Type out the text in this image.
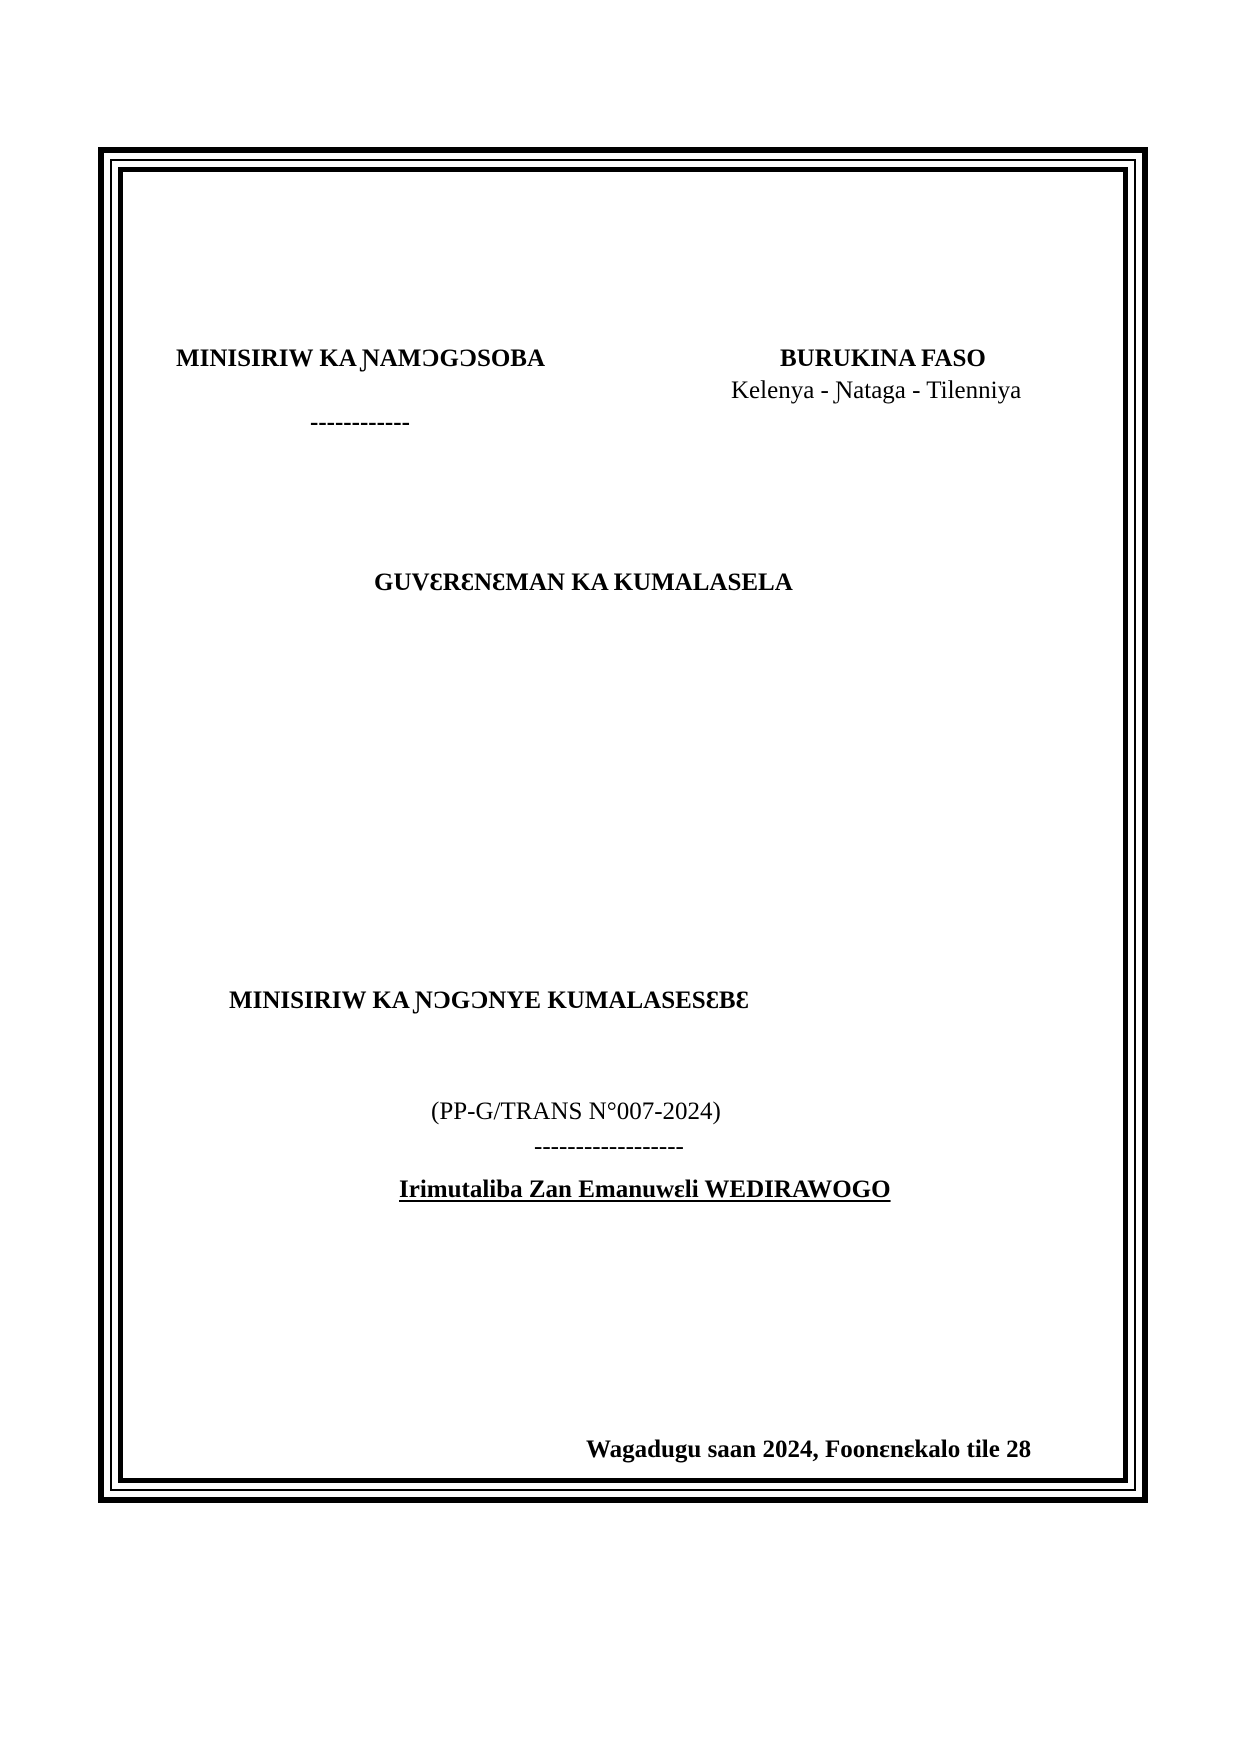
MINISIRIW KA ƝAMƆGƆSOBA
------------
BURUKINA FASO
Kelenya - Ɲataga - Tilenniya
GUVƐRƐNƐMAN KA KUMALASELA
MINISIRIW KA ƝƆGƆNYE KUMALASESƐBƐ
(PP-G/TRANS N°007-2024)
------------------
Irimutaliba Zan Emanuwɛli WEDIRAWOGO
Wagadugu saan 2024, Foonɛnɛkalo tile 28
